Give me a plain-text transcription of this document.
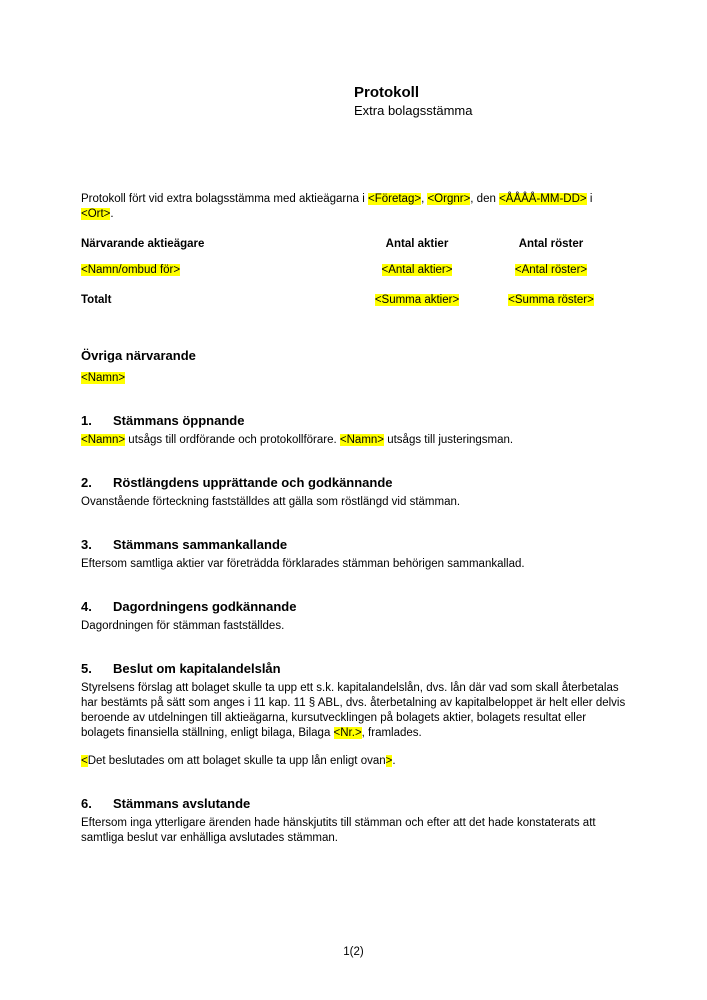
Protokoll
Extra bolagsstämma

Protokoll fört vid extra bolagsstämma med aktieägarna i <Företag>, <Orgnr>, den <ÅÅÅÅ-MM-DD> i <Ort>.

Närvarande aktieägare	Antal aktier	Antal röster
<Namn/ombud för>	<Antal aktier>	<Antal röster>
Totalt	<Summa aktier>	<Summa röster>
Övriga närvarande

<Namn>

1. Stämmans öppnande

<Namn> utsågs till ordförande och protokollförare. <Namn> utsågs till justeringsman.

2. Röstlängdens upprättande och godkännande

Ovanstående förteckning fastställdes att gälla som röstlängd vid stämman.

3. Stämmans sammankallande

Eftersom samtliga aktier var företrädda förklarades stämman behörigen sammankallad.

4. Dagordningens godkännande

Dagordningen för stämman fastställdes.

5. Beslut om kapitalandelslån

Styrelsens förslag att bolaget skulle ta upp ett s.k. kapitalandelslån, dvs. lån där vad som skall återbetalas har bestämts på sätt som anges i 11 kap. 11 § ABL, dvs. återbetalning av kapitalbeloppet är helt eller delvis beroende av utdelningen till aktieägarna, kursutvecklingen på bolagets aktier, bolagets resultat eller bolagets finansiella ställning, enligt bilaga, Bilaga <Nr.>, framlades.

<Det beslutades om att bolaget skulle ta upp lån enligt ovan>.

6. Stämmans avslutande

Eftersom inga ytterligare ärenden hade hänskjutits till stämman och efter att det hade konstaterats att samtliga beslut var enhälliga avslutades stämman.

1(2)
